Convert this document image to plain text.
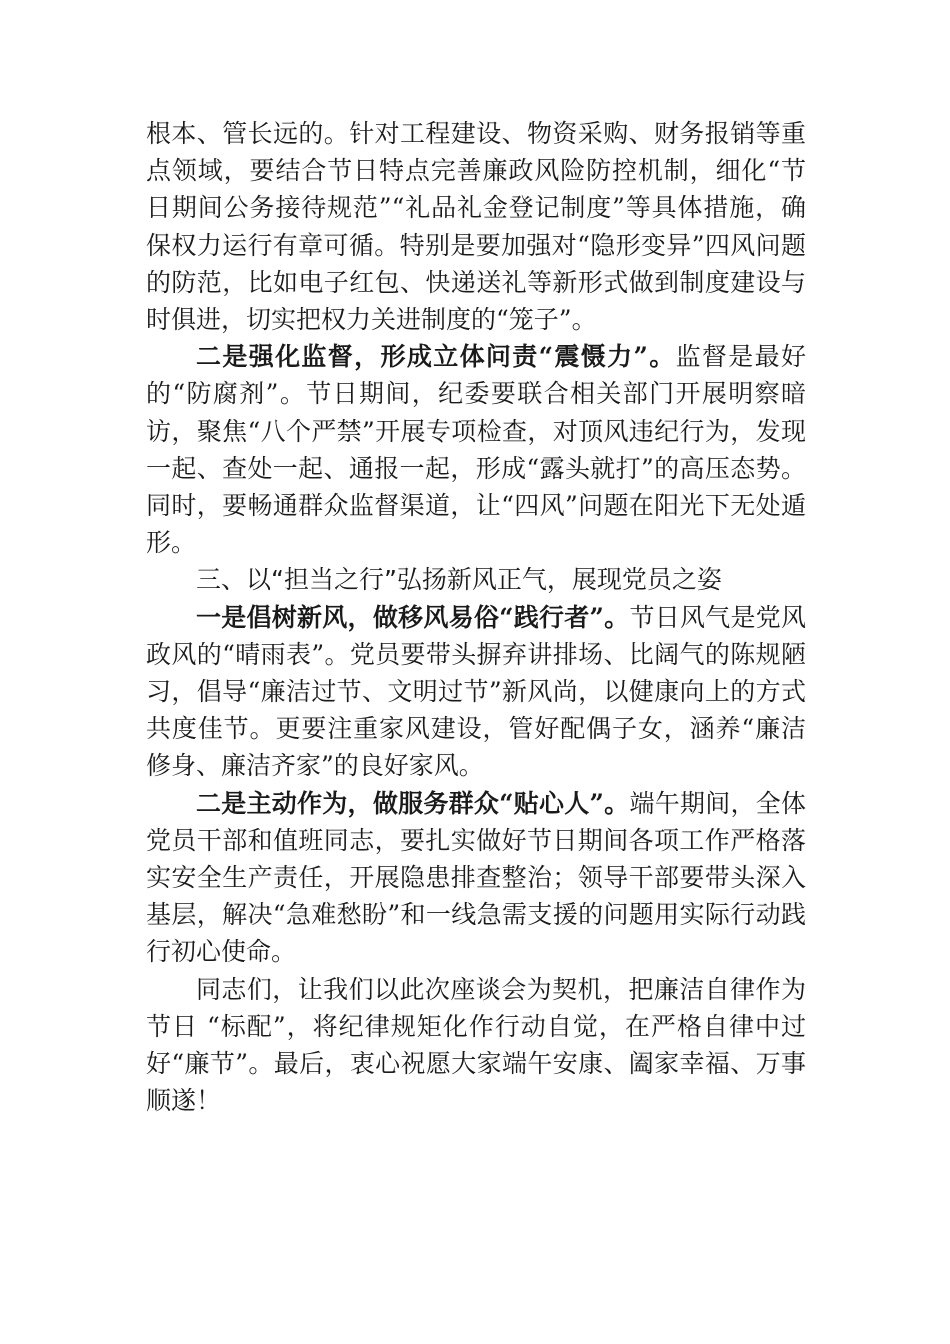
根本、管长远的。针对工程建设、物资采购、财务报销等重点领域，要结合节日特点完善廉政风险防控机制，细化“节日期间公务接待规范”“礼品礼金登记制度”等具体措施，确保权力运行有章可循。特别是要加强对“隐形变异”四风问题的防范，比如电子红包、快递送礼等新形式做到制度建设与时俱进，切实把权力关进制度的“笼子”。

二是强化监督，形成立体问责“震慑力”。监督是最好的“防腐剂”。节日期间，纪委要联合相关部门开展明察暗访，聚焦“八个严禁”开展专项检查，对顶风违纪行为，发现一起、查处一起、通报一起，形成“露头就打”的高压态势。同时，要畅通群众监督渠道，让“四风”问题在阳光下无处遁形。

三、以“担当之行”弘扬新风正气，展现党员之姿

一是倡树新风，做移风易俗“践行者”。节日风气是党风政风的“晴雨表”。党员要带头摒弃讲排场、比阔气的陈规陋习，倡导“廉洁过节、文明过节”新风尚，以健康向上的方式共度佳节。更要注重家风建设，管好配偶子女，涵养“廉洁修身、廉洁齐家”的良好家风。

二是主动作为，做服务群众“贴心人”。端午期间，全体党员干部和值班同志，要扎实做好节日期间各项工作严格落实安全生产责任，开展隐患排查整治；领导干部要带头深入基层，解决“急难愁盼”和一线急需支援的问题用实际行动践行初心使命。

同志们，让我们以此次座谈会为契机，把廉洁自律作为节日 “标配”，将纪律规矩化作行动自觉，在严格自律中过好“廉节”。最后，衷心祝愿大家端午安康、阖家幸福、万事顺遂！
